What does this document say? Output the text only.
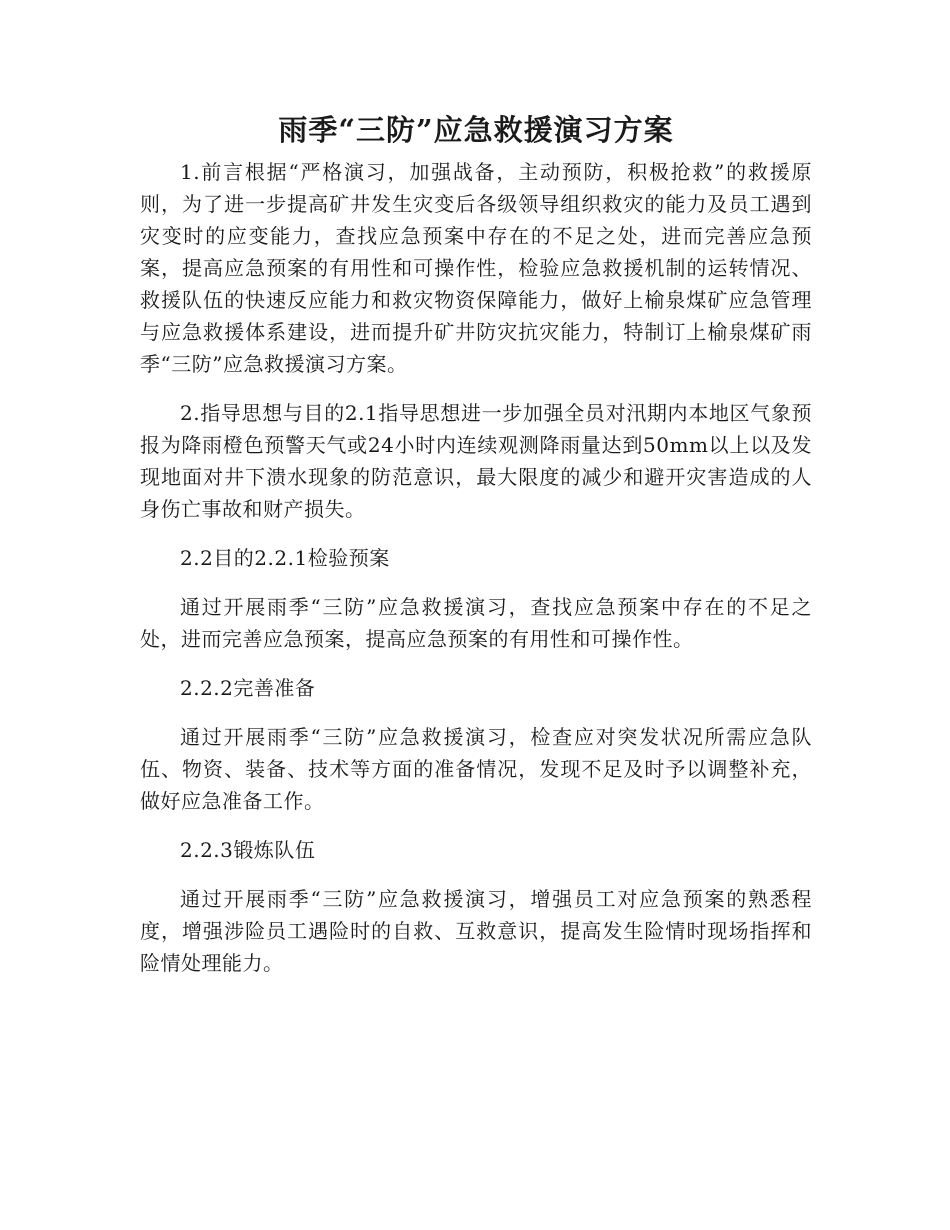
雨季“三防”应急救援演习方案

1.前言根据“严格演习，加强战备，主动预防，积极抢救”的救援原则，为了进一步提高矿井发生灾变后各级领导组织救灾的能力及员工遇到灾变时的应变能力，查找应急预案中存在的不足之处，进而完善应急预案，提高应急预案的有用性和可操作性，检验应急救援机制的运转情况、救援队伍的快速反应能力和救灾物资保障能力，做好上榆泉煤矿应急管理与应急救援体系建设，进而提升矿井防灾抗灾能力，特制订上榆泉煤矿雨季“三防”应急救援演习方案。

2.指导思想与目的2.1指导思想进一步加强全员对汛期内本地区气象预报为降雨橙色预警天气或24小时内连续观测降雨量达到50mm以上以及发现地面对井下溃水现象的防范意识，最大限度的减少和避开灾害造成的人身伤亡事故和财产损失。

2.2目的2.2.1检验预案

通过开展雨季“三防”应急救援演习，查找应急预案中存在的不足之处，进而完善应急预案，提高应急预案的有用性和可操作性。

2.2.2完善准备

通过开展雨季“三防”应急救援演习，检查应对突发状况所需应急队伍、物资、装备、技术等方面的准备情况，发现不足及时予以调整补充，做好应急准备工作。

2.2.3锻炼队伍

通过开展雨季“三防”应急救援演习，增强员工对应急预案的熟悉程度，增强涉险员工遇险时的自救、互救意识，提高发生险情时现场指挥和险情处理能力。
